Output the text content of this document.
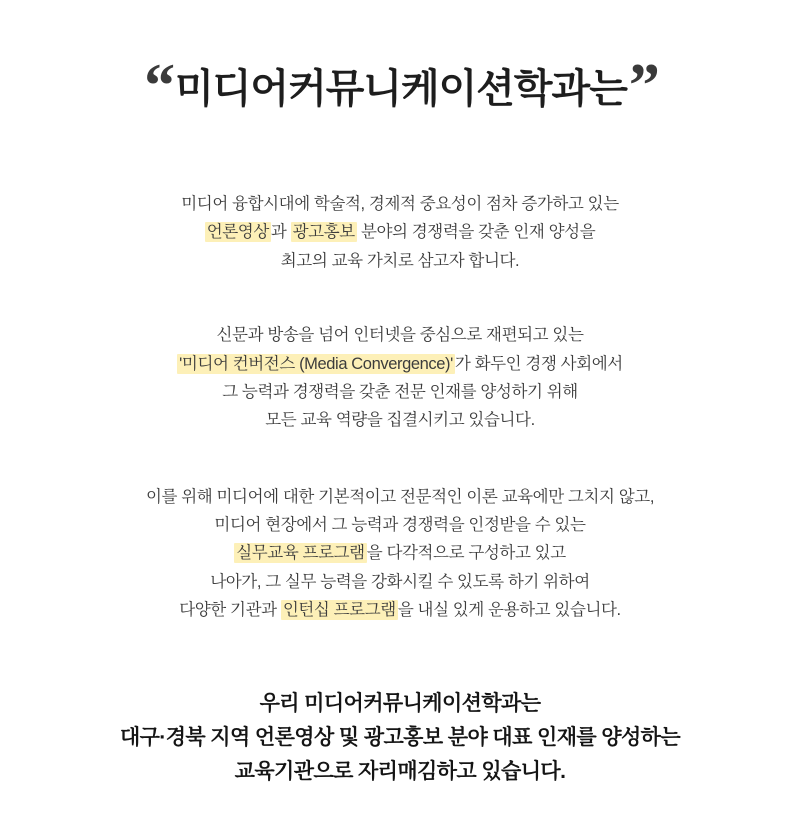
“ 미디어커뮤니케이션학과는 ”
미디어 융합시대에 학술적, 경제적 중요성이 점차 증가하고 있는
언론영상 과 광고홍보 분야의 경쟁력을 갖춘 인재 양성을
최고의 교육 가치로 삼고자 합니다.
신문과 방송을 넘어 인터넷을 중심으로 재편되고 있는
'미디어 컨버전스 (Media Convergence)' 가 화두인 경쟁 사회에서
그 능력과 경쟁력을 갖춘 전문 인재를 양성하기 위해
모든 교육 역량을 집결시키고 있습니다.
이를 위해 미디어에 대한 기본적이고 전문적인 이론 교육에만 그치지 않고,
미디어 현장에서 그 능력과 경쟁력을 인정받을 수 있는
실무교육 프로그램 을 다각적으로 구성하고 있고
나아가, 그 실무 능력을 강화시킬 수 있도록 하기 위하여
다양한 기관과 인턴십 프로그램 을 내실 있게 운용하고 있습니다.
우리 미디어커뮤니케이션학과는
대구·경북 지역 언론영상 및 광고홍보 분야 대표 인재를 양성하는
교육기관으로 자리매김하고 있습니다.
